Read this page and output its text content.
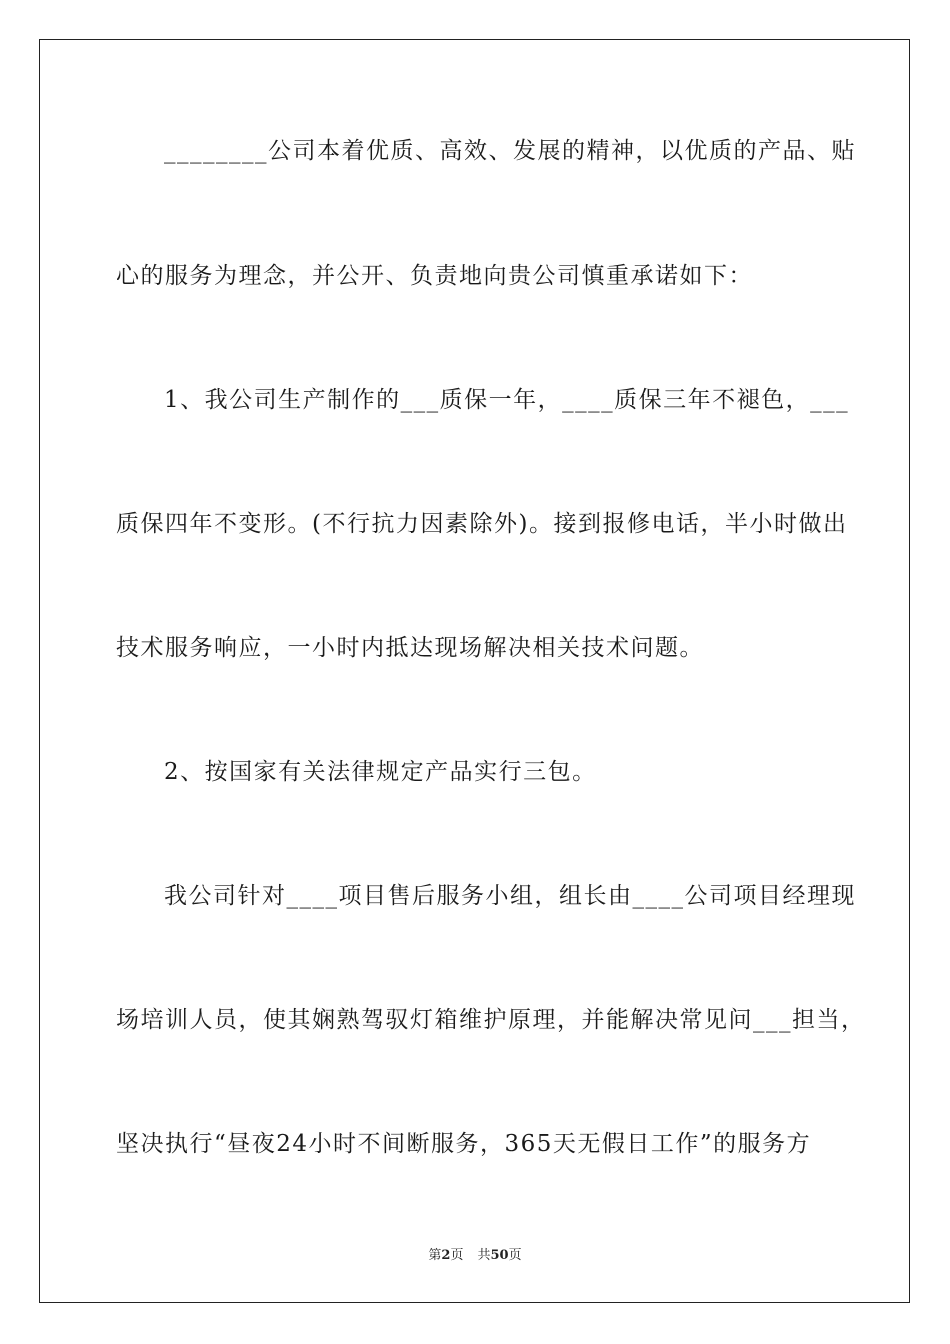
________公司本着优质、高效、发展的精神，以优质的产品、贴
心的服务为理念，并公开、负责地向贵公司慎重承诺如下：
1、我公司生产制作的___质保一年，____质保三年不褪色，___
质保四年不变形。(不行抗力因素除外)。接到报修电话，半小时做出
技术服务响应，一小时内抵达现场解决相关技术问题。
2、按国家有关法律规定产品实行三包。
我公司针对____项目售后服务小组，组长由____公司项目经理现
场培训人员，使其娴熟驾驭灯箱维护原理，并能解决常见问___担当，
坚决执行“昼夜24小时不间断服务，365天无假日工作”的服务方
第2页 共50页
